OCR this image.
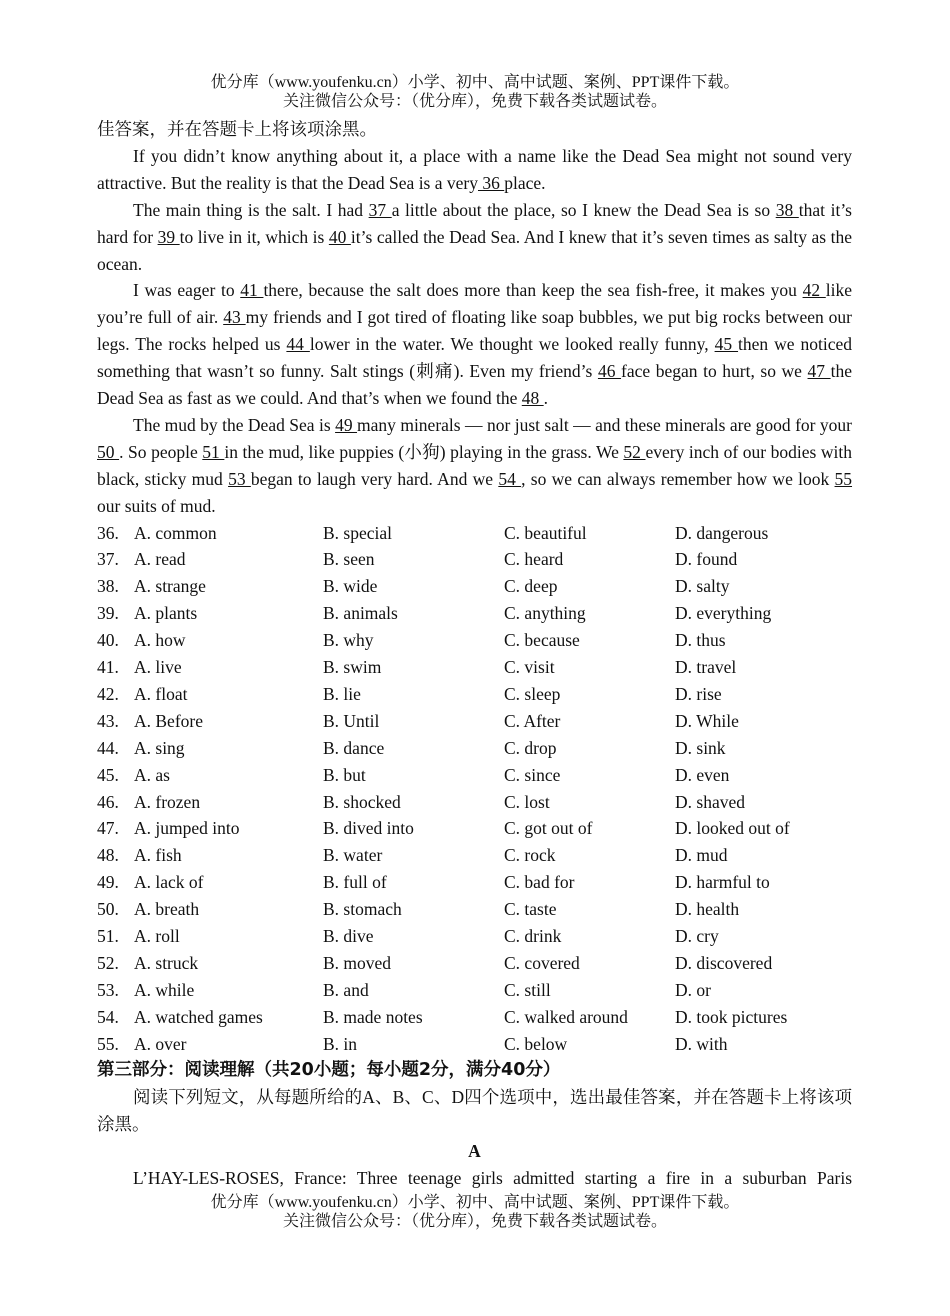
优分库（www.youfenku.cn）小学、初中、高中试题、案例、PPT课件下载。
关注微信公众号：（优分库），免费下载各类试题试卷。
佳答案，并在答题卡上将该项涂黑。
If you didn’t know anything about it, a place with a name like the Dead Sea might not sound very attractive. But the reality is that the Dead Sea is a very 36 place.
The main thing is the salt. I had 37 a little about the place, so I knew the Dead Sea is so 38 that it’s hard for 39 to live in it, which is 40 it’s called the Dead Sea. And I knew that it’s seven times as salty as the ocean.
I was eager to 41 there, because the salt does more than keep the sea fish-free, it makes you 42 like you’re full of air. 43 my friends and I got tired of floating like soap bubbles, we put big rocks between our legs. The rocks helped us 44 lower in the water. We thought we looked really funny, 45 then we noticed something that wasn’t so funny. Salt stings (刺痛). Even my friend’s 46 face began to hurt, so we 47 the Dead Sea as fast as we could. And that’s when we found the 48 .
The mud by the Dead Sea is 49 many minerals — nor just salt — and these minerals are good for your 50 . So people 51 in the mud, like puppies (小狗) playing in the grass. We 52 every inch of our bodies with black, sticky mud 53 began to laugh very hard. And we 54 , so we can always remember how we look 55 our suits of mud.
36. A. common	B. special	C. beautiful	D. dangerous
37. A. read	B. seen	C. heard	D. found
38. A. strange	B. wide	C. deep	D. salty
39. A. plants	B. animals	C. anything	D. everything
40. A. how	B. why	C. because	D. thus
41. A. live	B. swim	C. visit	D. travel
42. A. float	B. lie	C. sleep	D. rise
43. A. Before	B. Until	C. After	D. While
44. A. sing	B. dance	C. drop	D. sink
45. A. as	B. but	C. since	D. even
46. A. frozen	B. shocked	C. lost	D. shaved
47. A. jumped into	B. dived into	C. got out of	D. looked out of
48. A. fish	B. water	C. rock	D. mud
49. A. lack of	B. full of	C. bad for	D. harmful to
50. A. breath	B. stomach	C. taste	D. health
51. A. roll	B. dive	C. drink	D. cry
52. A. struck	B. moved	C. covered	D. discovered
53. A. while	B. and	C. still	D. or
54. A. watched games	B. made notes	C. walked around	D. took pictures
55. A. over	B. in	C. below	D. with
第三部分：阅读理解（共20小题；每小题2分，满分40分）
阅读下列短文，从每题所给的A、B、C、D四个选项中，选出最佳答案，并在答题卡上将该项涂黑。
A
L’HAY-LES-ROSES, France: Three teenage girls admitted starting a fire in a suburban Paris
优分库（www.youfenku.cn）小学、初中、高中试题、案例、PPT课件下载。
关注微信公众号：（优分库），免费下载各类试题试卷。
